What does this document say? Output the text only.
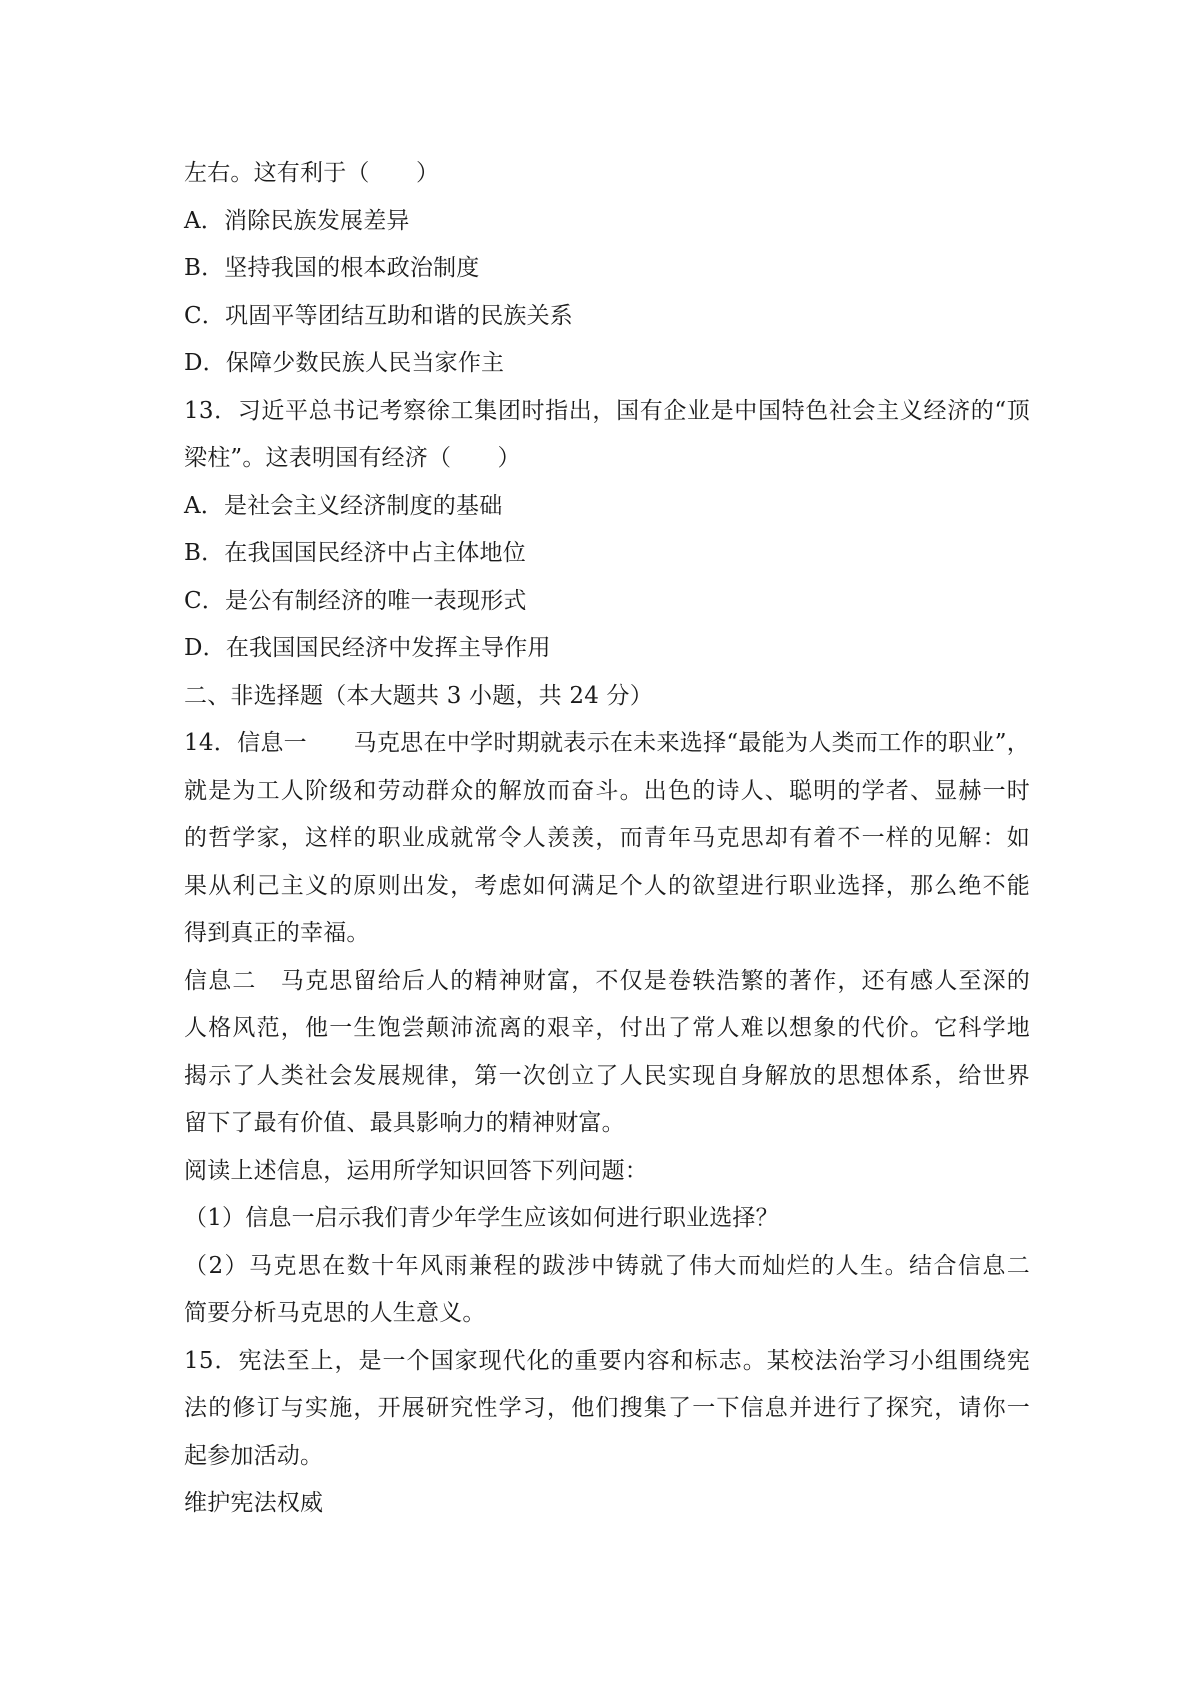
左右。这有利于（　　）
A．消除民族发展差异
B．坚持我国的根本政治制度
C．巩固平等团结互助和谐的民族关系
D．保障少数民族人民当家作主
13．习近平总书记考察徐工集团时指出，国有企业是中国特色社会主义经济的“顶
梁柱”。这表明国有经济（　　）
A．是社会主义经济制度的基础
B．在我国国民经济中占主体地位
C．是公有制经济的唯一表现形式
D．在我国国民经济中发挥主导作用
二、非选择题（本大题共 3 小题，共 24 分）
14．信息一　　马克思在中学时期就表示在未来选择“最能为人类而工作的职业”，
就是为工人阶级和劳动群众的解放而奋斗。出色的诗人、聪明的学者、显赫一时
的哲学家，这样的职业成就常令人羡羡，而青年马克思却有着不一样的见解：如
果从利己主义的原则出发，考虑如何满足个人的欲望进行职业选择，那么绝不能
得到真正的幸福。
信息二　马克思留给后人的精神财富，不仅是卷轶浩繁的著作，还有感人至深的
人格风范，他一生饱尝颠沛流离的艰辛，付出了常人难以想象的代价。它科学地
揭示了人类社会发展规律，第一次创立了人民实现自身解放的思想体系，给世界
留下了最有价值、最具影响力的精神财富。
阅读上述信息，运用所学知识回答下列问题：
（1）信息一启示我们青少年学生应该如何进行职业选择？
（2）马克思在数十年风雨兼程的跋涉中铸就了伟大而灿烂的人生。结合信息二
简要分析马克思的人生意义。
15．宪法至上，是一个国家现代化的重要内容和标志。某校法治学习小组围绕宪
法的修订与实施，开展研究性学习，他们搜集了一下信息并进行了探究，请你一
起参加活动。
维护宪法权威
